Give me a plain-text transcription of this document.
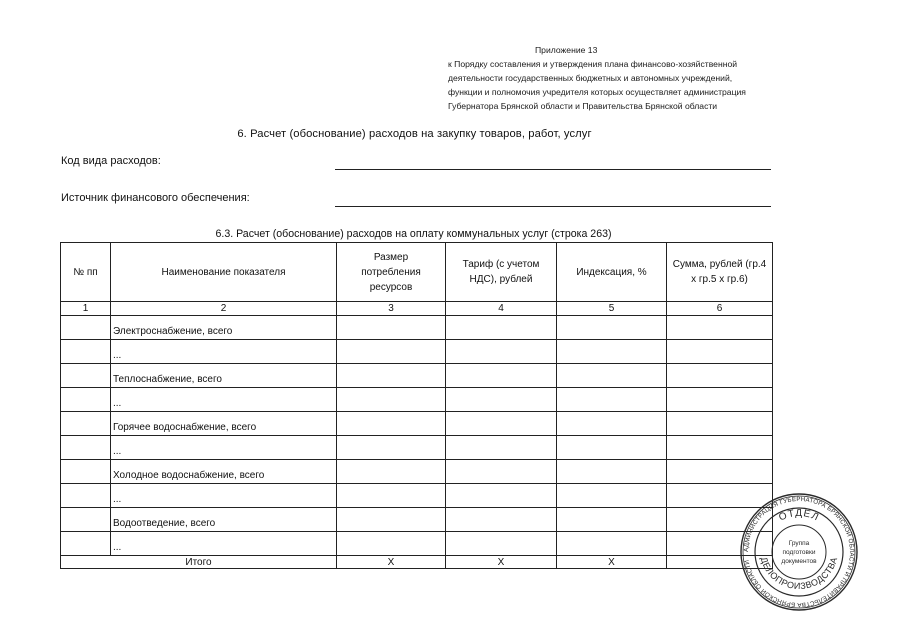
Приложение 13
к Порядку составления и утверждения плана финансово-хозяйственной
деятельности государственных бюджетных и автономных учреждений,
функции и полномочия учредителя которых осуществляет администрация
Губернатора Брянской области и Правительства Брянской области
6. Расчет (обоснование) расходов на закупку товаров, работ, услуг
Код вида расходов:
Источник финансового обеспечения:
6.3. Расчет (обоснование) расходов на оплату коммунальных услуг (строка 263)
№ пп	Наименование показателя	Размер потребления ресурсов	Тариф (с учетом НДС), рублей	Индексация, %	Сумма, рублей (гр.4 х гр.5 х гр.6)
1	2	3	4	5	6
	Электроснабжение, всего				
	...				
	Теплоснабжение, всего				
	...				
	Горячее водоснабжение, всего				
	...				
	Холодное водоснабжение, всего				
	...				
	Водоотведение, всего				
	...				
Итого		Х	Х	Х	
АДМИНИСТРАЦИЯ ГУБЕРНАТОРА БРЯНСКОЙ ОБЛАСТИ И ПРАВИТЕЛЬСТВА БРЯНСКОЙ ОБЛАСТИ
ОТДЕЛ
ДЕЛОПРОИЗВОДСТВА
Группа
подготовки
документов
